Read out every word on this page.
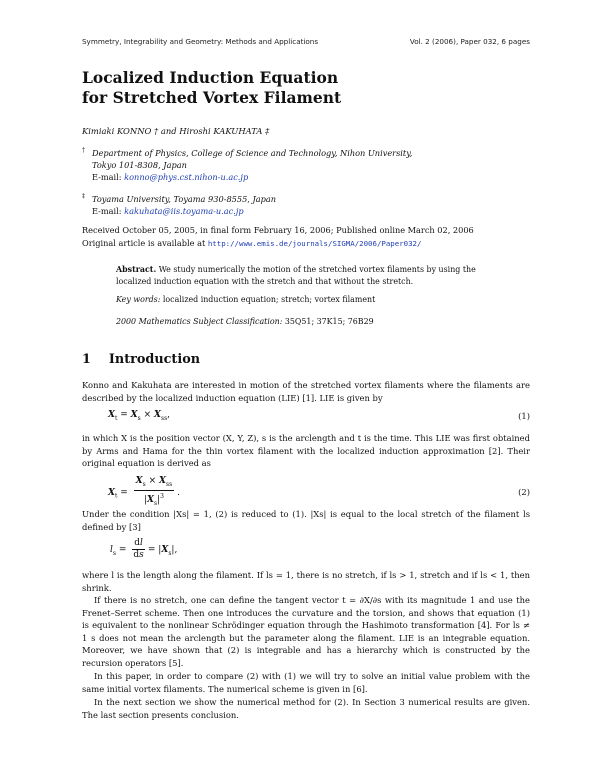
Symmetry, Integrability and Geometry: Methods and Applications	Vol. 2 (2006), Paper 032, 6 pages
Localized Induction Equation
for Stretched Vortex Filament
Kimiaki KONNO † and Hiroshi KAKUHATA ‡
† Department of Physics, College of Science and Technology, Nihon University,
Tokyo 101-8308, Japan
E-mail: konno@phys.cst.nihon-u.ac.jp
‡ Toyama University, Toyama 930-8555, Japan
E-mail: kakuhata@iis.toyama-u.ac.jp
Received October 05, 2005, in final form February 16, 2006; Published online March 02, 2006
Original article is available at http://www.emis.de/journals/SIGMA/2006/Paper032/
Abstract. We study numerically the motion of the stretched vortex filaments by using the localized induction equation with the stretch and that without the stretch.
Key words: localized induction equation; stretch; vortex filament
2000 Mathematics Subject Classification: 35Q51; 37K15; 76B29
1 Introduction
Konno and Kakuhata are interested in motion of the stretched vortex filaments where the filaments are described by the localized induction equation (LIE) [1]. LIE is given by
$X_t = X_s \times X_{ss}$,	(1)
in which X is the position vector (X, Y, Z), s is the arclength and t is the time. This LIE was first obtained by Arms and Hama for the thin vortex filament with the localized induction approximation [2]. Their original equation is derived as
$X_t = \frac{X_s \times X_{ss}}{|X_s|^3}$ .	(2)
Under the condition |Xs| = 1, (2) is reduced to (1). |Xs| is equal to the local stretch of the filament ls defined by [3]
$l_s = \frac{dl}{ds} = |X_s|$,
where l is the length along the filament. If ls = 1, there is no stretch, if ls > 1, stretch and if ls < 1, then shrink.
If there is no stretch, one can define the tangent vector t = ∂X/∂s with its magnitude 1 and use the Frenet–Serret scheme. Then one introduces the curvature and the torsion, and shows that equation (1) is equivalent to the nonlinear Schrödinger equation through the Hashimoto transformation [4]. For ls ≠ 1 s does not mean the arclength but the parameter along the filament. LIE is an integrable equation. Moreover, we have shown that (2) is integrable and has a hierarchy which is constructed by the recursion operators [5].
In this paper, in order to compare (2) with (1) we will try to solve an initial value problem with the same initial vortex filaments. The numerical scheme is given in [6].
In the next section we show the numerical method for (2). In Section 3 numerical results are given. The last section presents conclusion.
